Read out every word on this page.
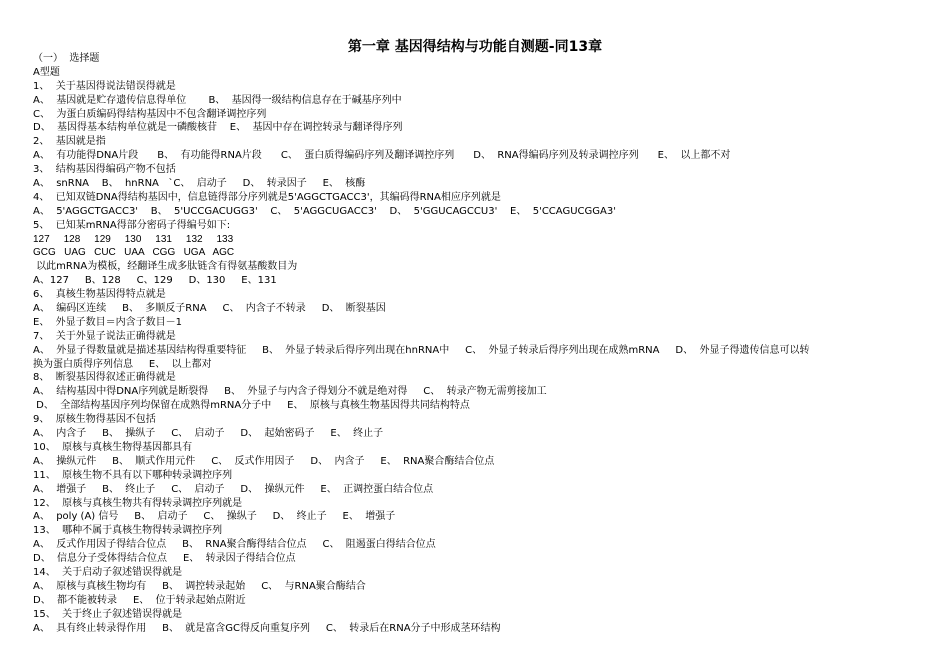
第一章 基因得结构与功能自测题-同13章
（一）  选择题
A型题
1、  关于基因得说法错误得就是
A、  基因就是贮存遗传信息得单位       B、  基因得一级结构信息存在于碱基序列中
C、  为蛋白质编码得结构基因中不包含翻译调控序列
D、  基因得基本结构单位就是一磷酸核苷    E、  基因中存在调控转录与翻译得序列
2、  基因就是指
A、  有功能得DNA片段      B、  有功能得RNA片段      C、  蛋白质得编码序列及翻译调控序列      D、  RNA得编码序列及转录调控序列      E、  以上都不对
3、  结构基因得编码产物不包括
A、  snRNA    B、  hnRNA   `C、  启动子     D、  转录因子     E、  核酶
4、  已知双链DNA得结构基因中，信息链得部分序列就是5'AGGCTGACC3'，其编码得RNA相应序列就是
A、  5'AGGCTGACC3'    B、  5'UCCGACUGG3'    C、  5'AGGCUGACC3'    D、  5'GGUCAGCCU3'    E、  5'CCAGUCGGA3'
5、  已知某mRNA得部分密码子得编号如下:
127     128     129     130     131     132     133
GCG   UAG   CUC   UAA   CGG   UGA   AGC
以此mRNA为模板，经翻译生成多肽链含有得氨基酸数目为
A、127     B、128     C、129     D、130     E、131
6、  真核生物基因得特点就是
A、  编码区连续     B、  多顺反子RNA     C、  内含子不转录     D、  断裂基因
E、  外显子数目＝内含子数目－1
7、  关于外显子说法正确得就是
A、  外显子得数量就是描述基因结构得重要特征     B、  外显子转录后得序列出现在hnRNA中     C、  外显子转录后得序列出现在成熟mRNA     D、  外显子得遗传信息可以转
换为蛋白质得序列信息     E、  以上都对
8、  断裂基因得叙述正确得就是
A、  结构基因中得DNA序列就是断裂得     B、  外显子与内含子得划分不就是绝对得     C、  转录产物无需剪接加工
D、  全部结构基因序列均保留在成熟得mRNA分子中     E、  原核与真核生物基因得共同结构特点
9、  原核生物得基因不包括
A、  内含子     B、  操纵子     C、  启动子     D、  起始密码子     E、  终止子
10、  原核与真核生物得基因都具有
A、  操纵元件     B、  顺式作用元件     C、  反式作用因子     D、  内含子     E、  RNA聚合酶结合位点
11、  原核生物不具有以下哪种转录调控序列
A、  增强子     B、  终止子     C、  启动子     D、  操纵元件     E、  正调控蛋白结合位点
12、  原核与真核生物共有得转录调控序列就是
A、  poly (A) 信号     B、  启动子     C、  操纵子     D、  终止子     E、  增强子
13、  哪种不属于真核生物得转录调控序列
A、  反式作用因子得结合位点     B、  RNA聚合酶得结合位点     C、  阻遏蛋白得结合位点
D、  信息分子受体得结合位点     E、  转录因子得结合位点
14、  关于启动子叙述错误得就是
A、  原核与真核生物均有     B、  调控转录起始     C、  与RNA聚合酶结合
D、  都不能被转录     E、  位于转录起始点附近
15、  关于终止子叙述错误得就是
A、  具有终止转录得作用     B、  就是富含GC得反向重复序列     C、  转录后在RNA分子中形成茎环结构
